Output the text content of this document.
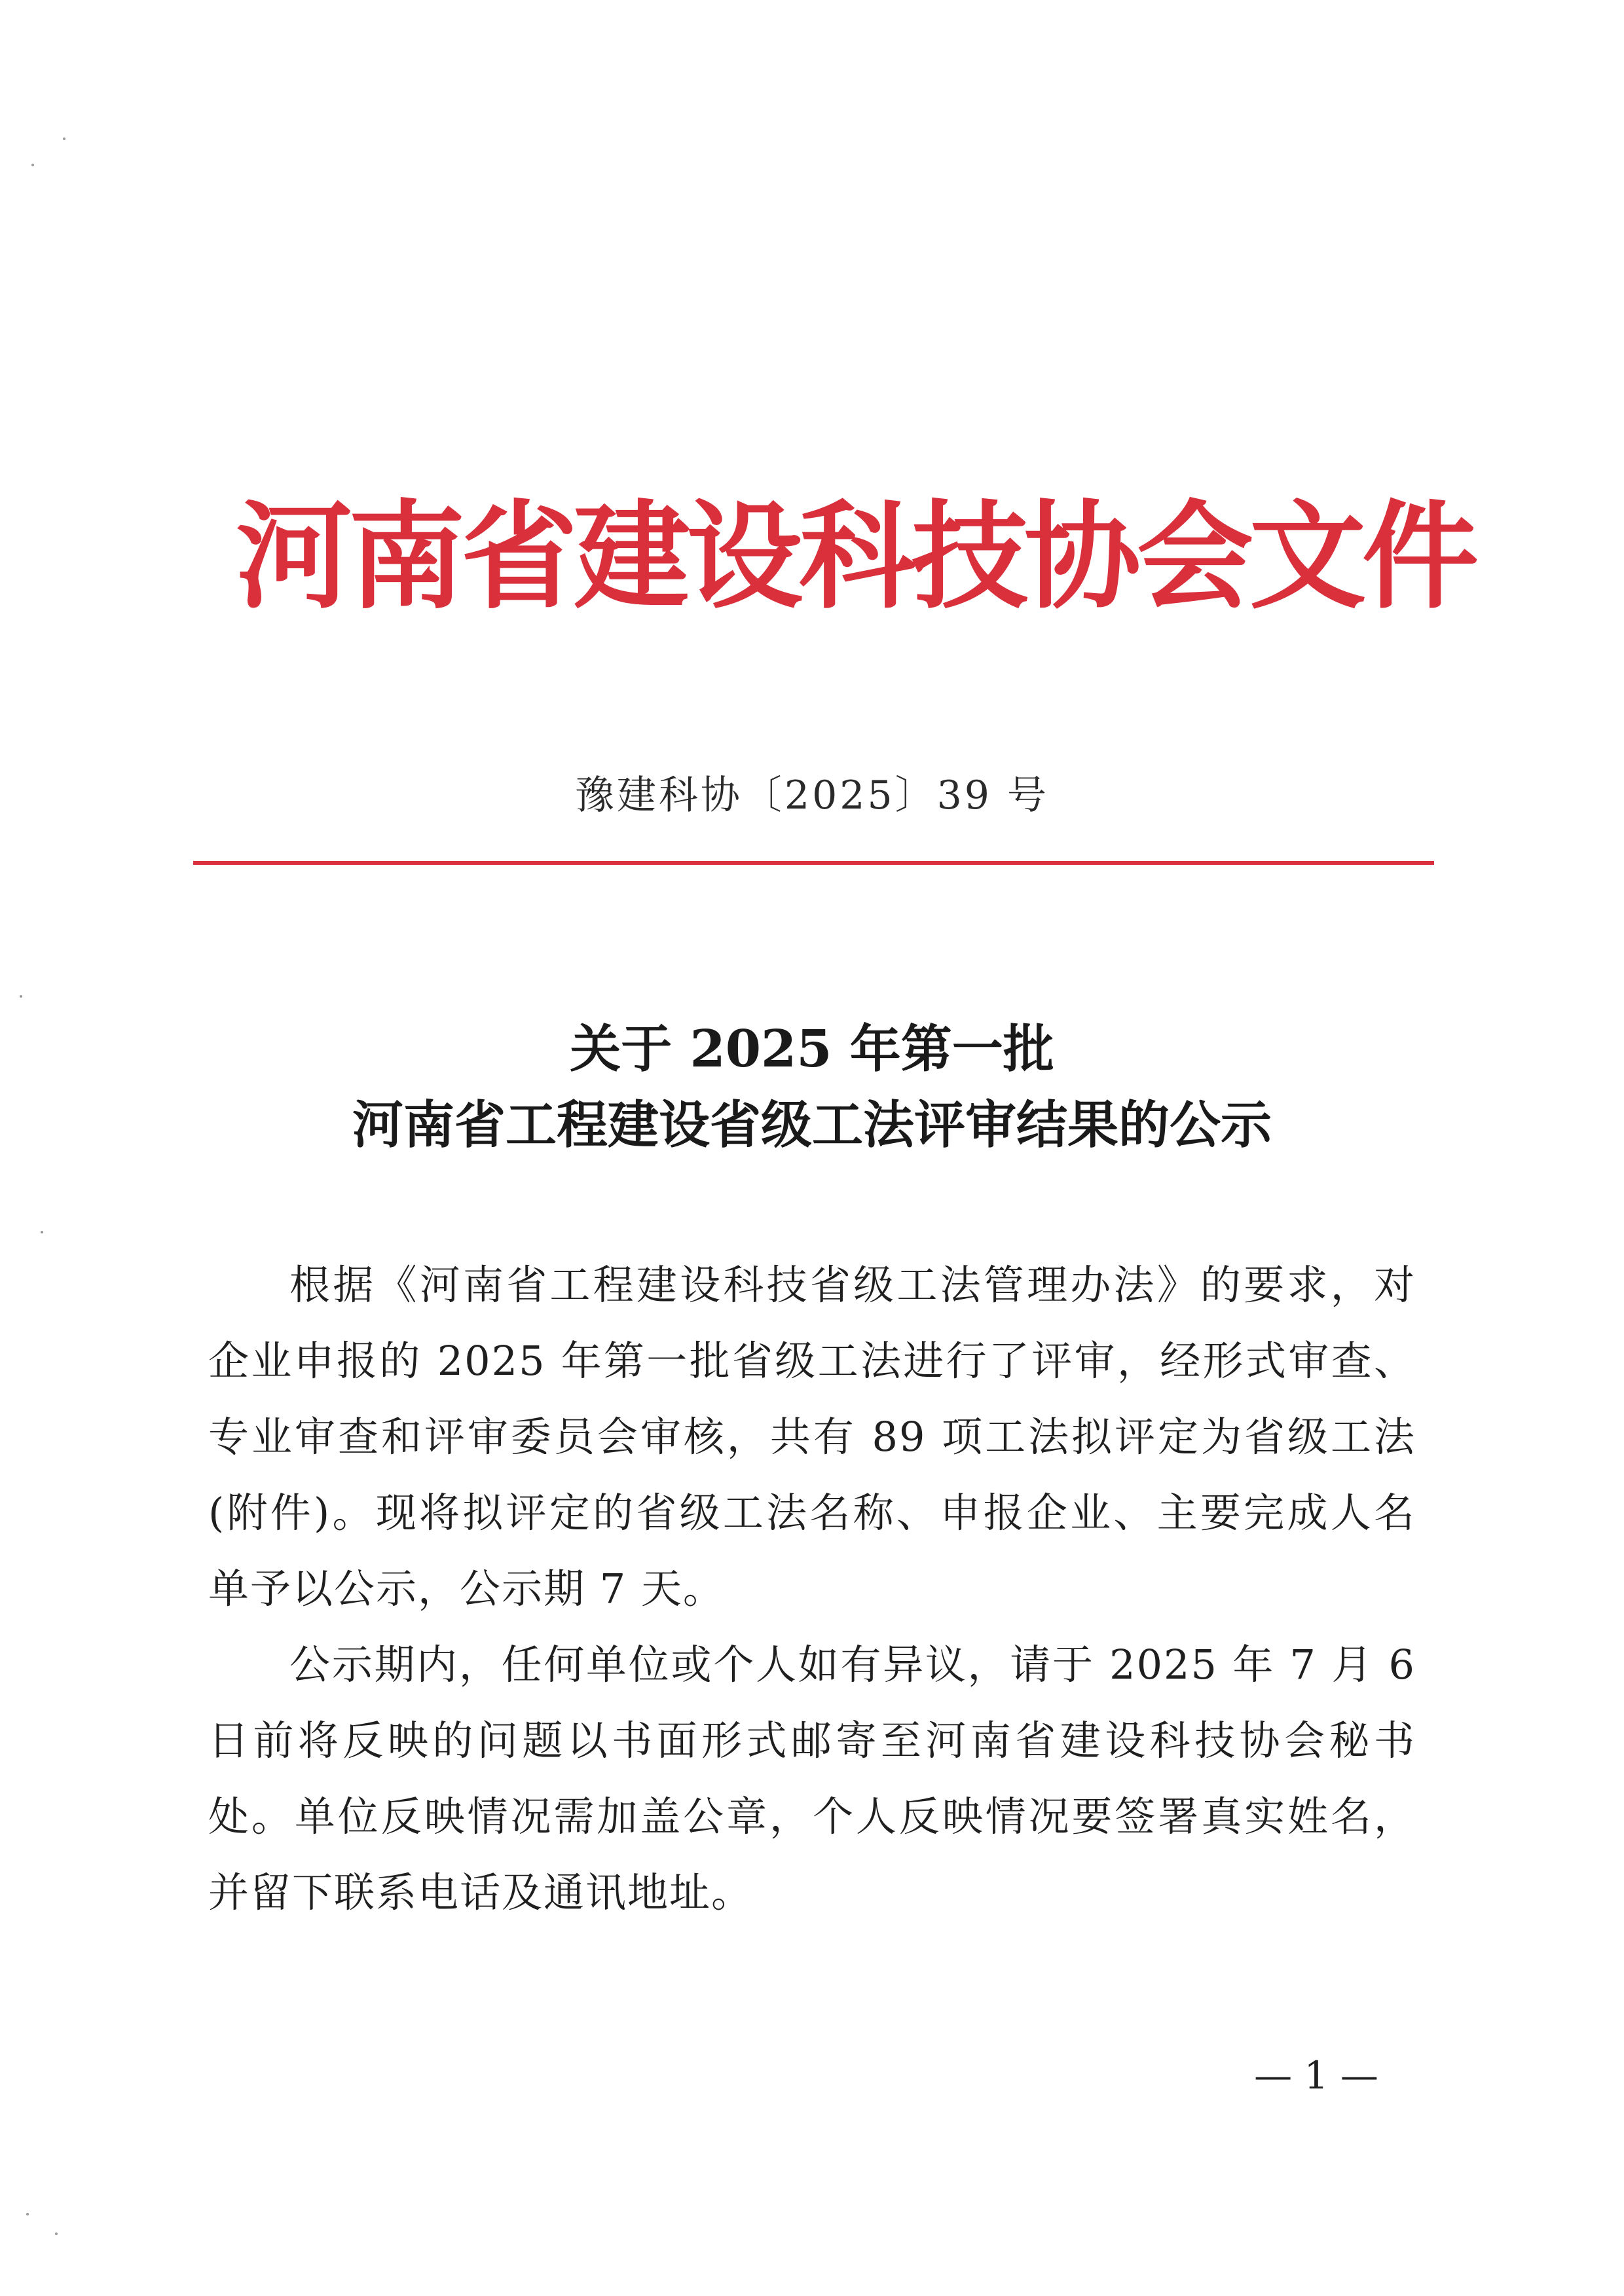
河南省建设科技协会文件
豫建科协〔2025〕39 号
关于 2025 年第一批
河南省工程建设省级工法评审结果的公示

根据《河南省工程建设科技省级工法管理办法》的要求，对企业申报的 2025 年第一批省级工法进行了评审，经形式审查、专业审查和评审委员会审核，共有 89 项工法拟评定为省级工法(附件)。现将拟评定的省级工法名称、申报企业、主要完成人名单予以公示，公示期 7 天。

公示期内，任何单位或个人如有异议，请于 2025 年 7 月 6 日前将反映的问题以书面形式邮寄至河南省建设科技协会秘书处。单位反映情况需加盖公章，个人反映情况要签署真实姓名，并留下联系电话及通讯地址。

— 1 —
